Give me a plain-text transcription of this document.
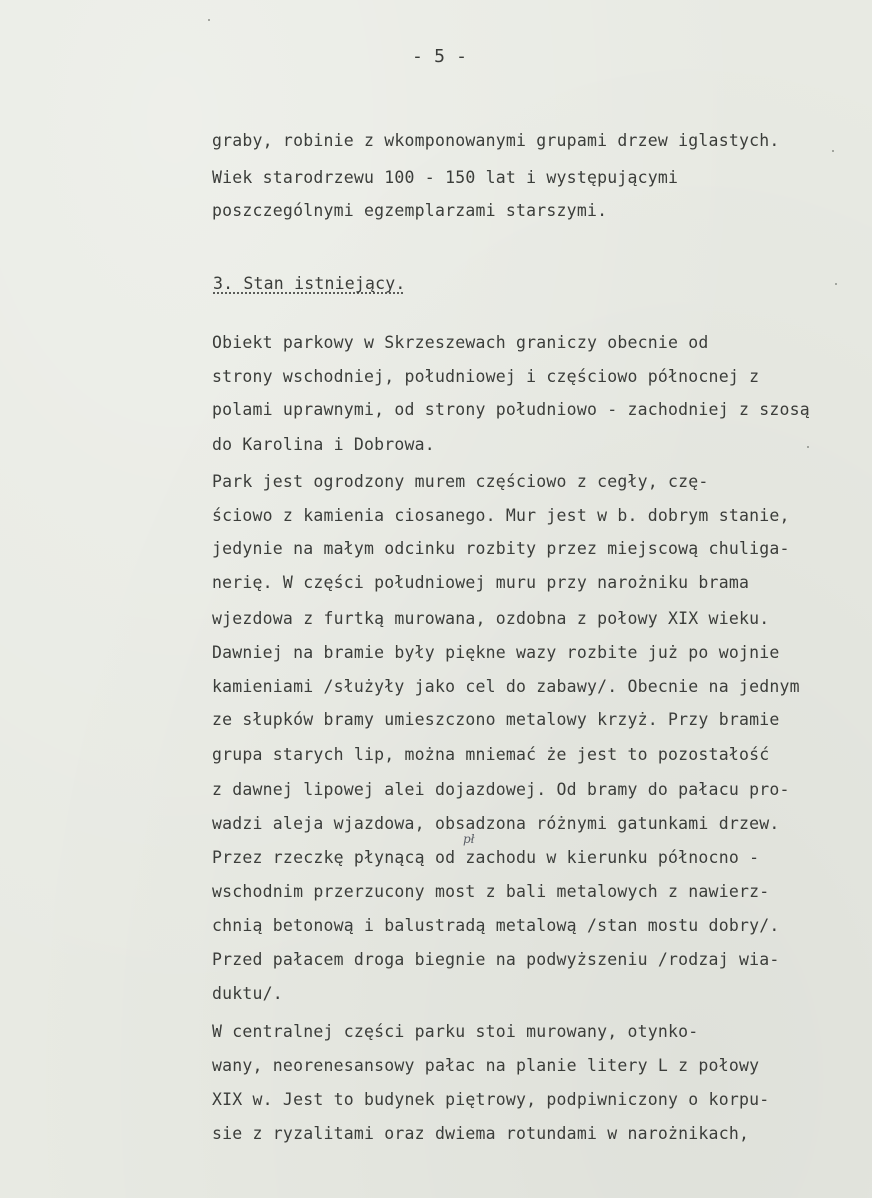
- 5 -
graby, robinie z wkomponowanymi grupami drzew iglastych.
Wiek starodrzewu 100 - 150 lat i występującymi
poszczególnymi egzemplarzami starszymi.
3. Stan istniejący.
Obiekt parkowy w Skrzeszewach graniczy obecnie od
strony wschodniej, południowej i częściowo północnej z
polami uprawnymi, od strony południowo - zachodniej z szosą
do Karolina i Dobrowa.
Park jest ogrodzony murem częściowo z cegły, czę-
ściowo z kamienia ciosanego. Mur jest w b. dobrym stanie,
jedynie na małym odcinku rozbity przez miejscową chuliga-
nerię. W części południowej muru przy narożniku brama
wjezdowa z furtką murowana, ozdobna z połowy XIX wieku.
Dawniej na bramie były piękne wazy rozbite już po wojnie
kamieniami /służyły jako cel do zabawy/. Obecnie na jednym
ze słupków bramy umieszczono metalowy krzyż. Przy bramie
grupa starych lip, można mniemać że jest to pozostałość
z dawnej lipowej alei dojazdowej. Od bramy do pałacu pro-
wadzi aleja wjazdowa, obsadzona różnymi gatunkami drzew.
Przez rzeczkę płynącą od zachodu w kierunku północno -
wschodnim przerzucony most z bali metalowych z nawierz-
chnią betonową i balustradą metalową /stan mostu dobry/.
Przed pałacem droga biegnie na podwyższeniu /rodzaj wia-
duktu/.
W centralnej części parku stoi murowany, otynko-
wany, neorenesansowy pałac na planie litery L z połowy
XIX w. Jest to budynek piętrowy, podpiwniczony o korpu-
sie z ryzalitami oraz dwiema rotundami w narożnikach,
pł
